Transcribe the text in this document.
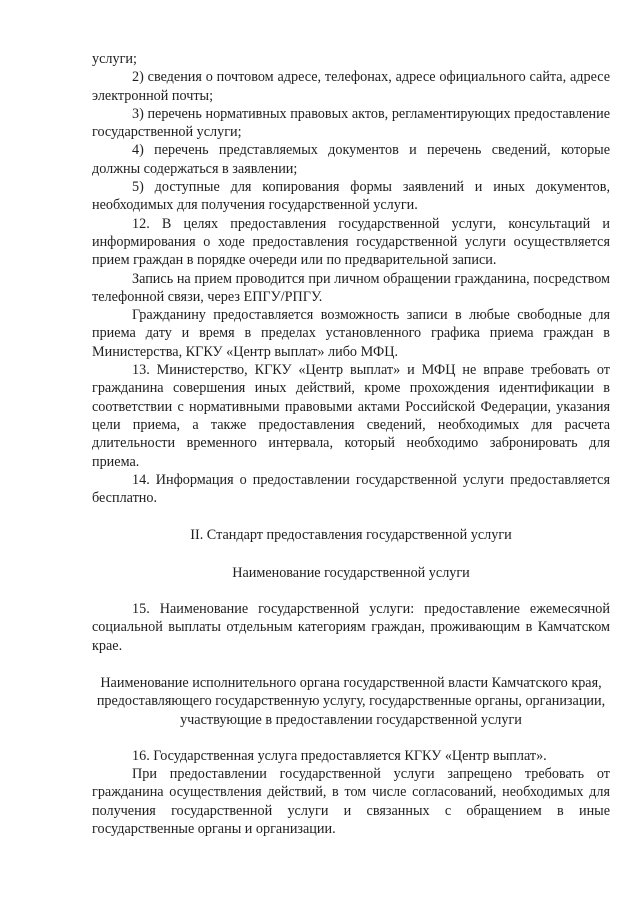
услуги;

2) сведения о почтовом адресе, телефонах, адресе официального сайта, адресе электронной почты;

3) перечень нормативных правовых актов, регламентирующих предоставление государственной услуги;

4) перечень представляемых документов и перечень сведений, которые должны содержаться в заявлении;

5) доступные для копирования формы заявлений и иных документов, необходимых для получения государственной услуги.

12. В целях предоставления государственной услуги, консультаций и информирования о ходе предоставления государственной услуги осуществляется прием граждан в порядке очереди или по предварительной записи.

Запись на прием проводится при личном обращении гражданина, посредством телефонной связи, через ЕПГУ/РПГУ.

Гражданину предоставляется возможность записи в любые свободные для приема дату и время в пределах установленного графика приема граждан в Министерства, КГКУ «Центр выплат» либо МФЦ.

13. Министерство, КГКУ «Центр выплат» и МФЦ не вправе требовать от гражданина совершения иных действий, кроме прохождения идентификации в соответствии с нормативными правовыми актами Российской Федерации, указания цели приема, а также предоставления сведений, необходимых для расчета длительности временного интервала, который необходимо забронировать для приема.

14. Информация о предоставлении государственной услуги предоставляется бесплатно.

II. Стандарт предоставления государственной услуги

Наименование государственной услуги

15. Наименование государственной услуги: предоставление ежемесячной социальной выплаты отдельным категориям граждан, проживающим в Камчатском крае.

Наименование исполнительного органа государственной власти Камчатского края, предоставляющего государственную услугу, государственные органы, организации, участвующие в предоставлении государственной услуги

16. Государственная услуга предоставляется КГКУ «Центр выплат».

При предоставлении государственной услуги запрещено требовать от гражданина осуществления действий, в том числе согласований, необходимых для получения государственной услуги и связанных с обращением в иные государственные органы и организации.
